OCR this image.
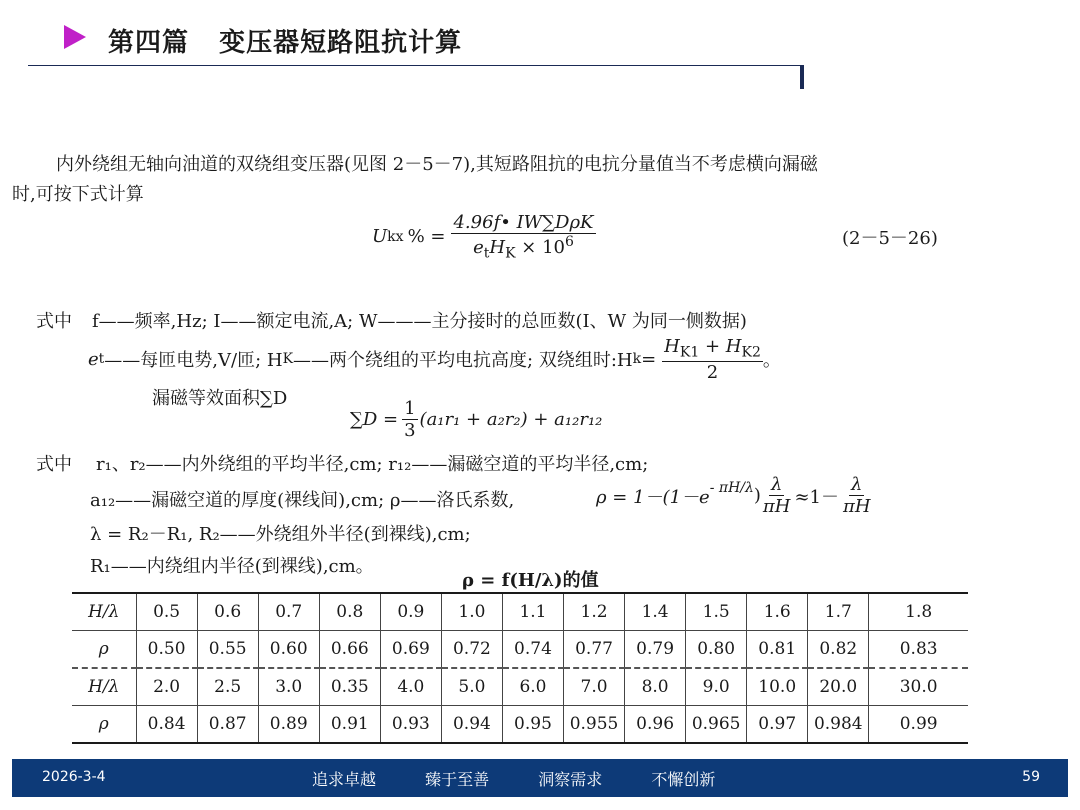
第四篇   变压器短路阻抗计算
内外绕组无轴向油道的双绕组变压器(见图 2－5－7),其短路阻抗的电抗分量值当不考虑横向漏磁
时,可按下式计算
U kx % = $\frac{\text{4.96f• IW∑DρK}}{e_tH_K \times 10^6}$	(2－5－26)
式中 f——频率,Hz; I——额定电流,A; W———主分接时的总匝数(I、W 为同一侧数据)
e t ——每匝电势,V/匝; H K ——两个绕组的平均电抗高度; 双绕组时:H $k = \frac{H_{K1} + H_{K2}}{2}$ 。
漏磁等效面积∑D
$\sum D = \frac{1}{3} (a_1r_1 + a_2r_2) + a_{12}r_{12}$
式中 r₁、r₂——内外绕组的平均半径,cm; r₁₂——漏磁空道的平均半径,cm;
a₁₂——漏磁空道的厚度(裸线间),cm; ρ——洛氏系数,	$\rho = 1-(1-e^{- \pi H/\lambda}$ ) $\frac{\lambda}{\pi H} \approx 1- \frac{\lambda}{\pi H}$
λ = R₂－R₁, R₂——外绕组外半径(到裸线),cm;
R₁——内绕组内半径(到裸线),cm。
ρ = f(H/λ)的值
H/λ	0.5	0.6	0.7	0.8	0.9	1.0	1.1	1.2	1.4	1.5	1.6	1.7	1.8
ρ	0.50	0.55	0.60	0.66	0.69	0.72	0.74	0.77	0.79	0.80	0.81	0.82	0.83
H/λ	2.0	2.5	3.0	0.35	4.0	5.0	6.0	7.0	8.0	9.0	10.0	20.0	30.0
ρ	0.84	0.87	0.89	0.91	0.93	0.94	0.95	0.955	0.96	0.965	0.97	0.984	0.99
2026-3-4	追求卓越	臻于至善	洞察需求	不懈创新	59
